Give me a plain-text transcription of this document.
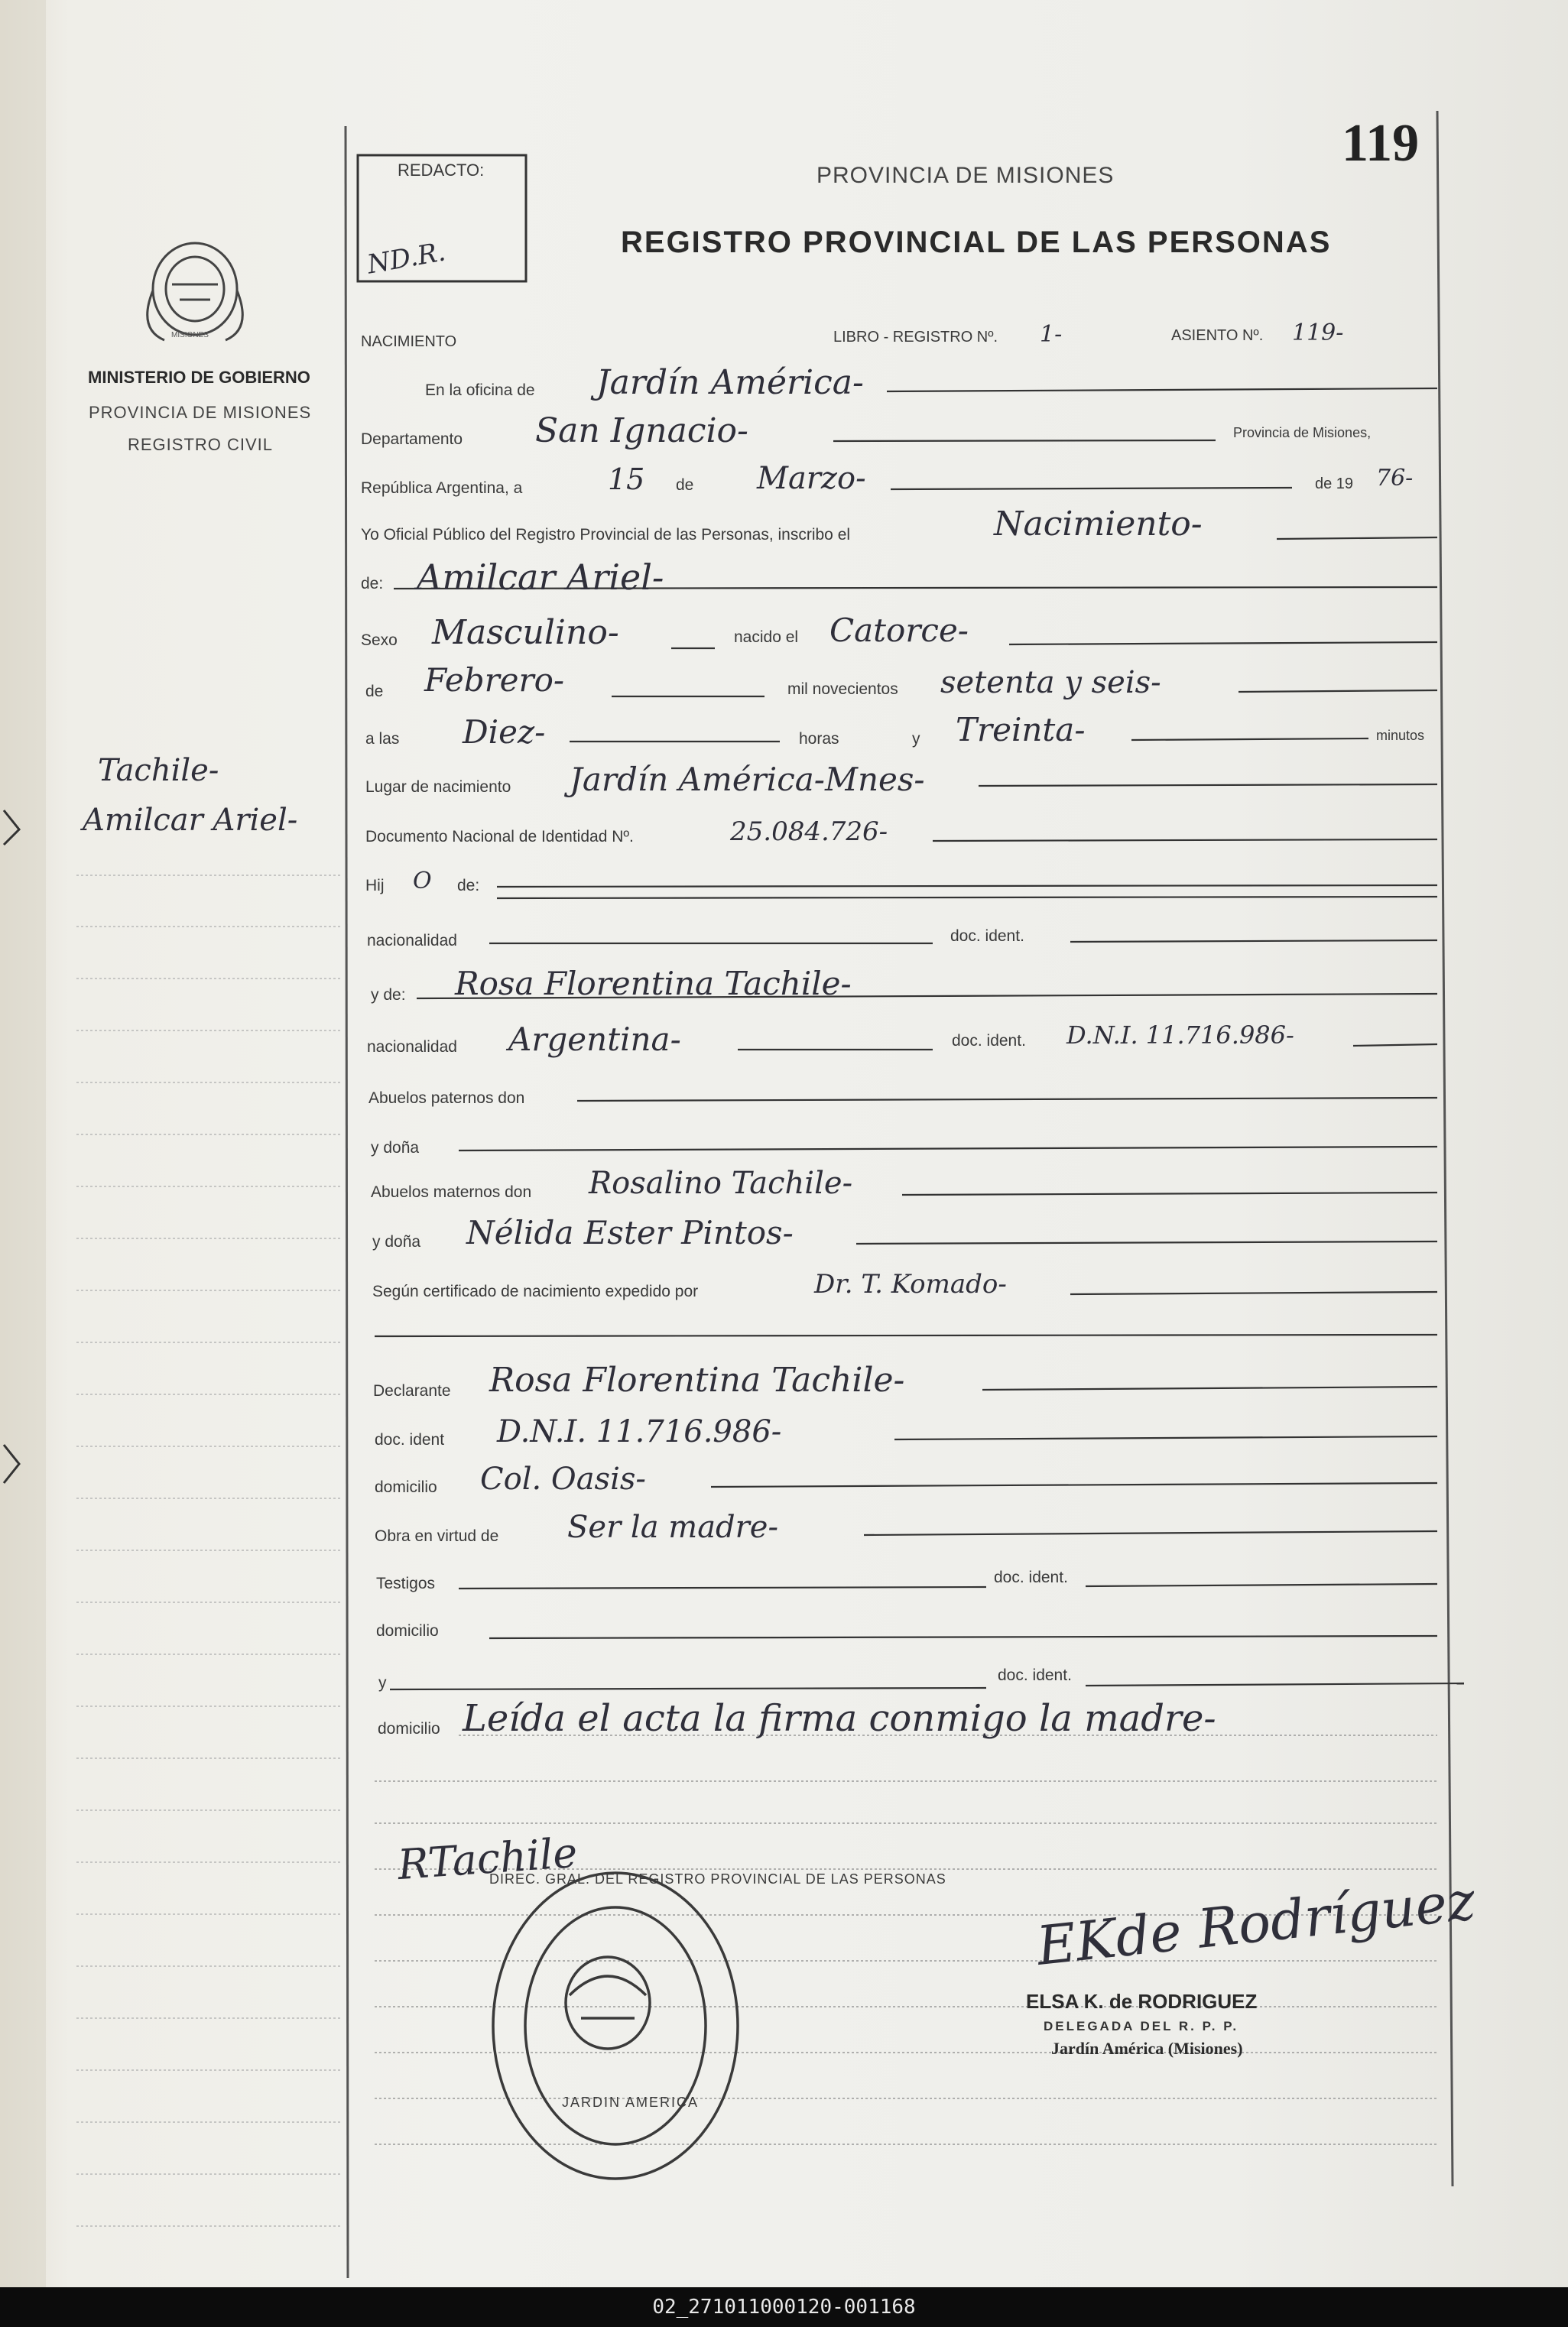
119
REDACTO:
ND.R.
PROVINCIA DE MISIONES
REGISTRO PROVINCIAL DE LAS PERSONAS
MISIONES
MINISTERIO DE GOBIERNO
PROVINCIA DE MISIONES
REGISTRO CIVIL
Tachile-
Amilcar Ariel-
NACIMIENTO	LIBRO - REGISTRO Nº. 1-	ASIENTO Nº. 119-
En la oficina de Jardín América-
Departamento San Ignacio-	Provincia de Misiones,
República Argentina, a	15 de Marzo-	de 19 76-
Yo Oficial Público del Registro Provincial de las Personas, inscribo el	Nacimiento-
de: Amilcar Ariel-
Sexo Masculino-	nacido el Catorce-
de Febrero-	mil novecientos setenta y seis-
a las Diez-	horas	y Treinta-	minutos
Lugar de nacimiento Jardín América-Mnes-
Documento Nacional de Identidad Nº.	25.084.726-
Hij O de:
nacionalidad	doc. ident.
y de: Rosa Florentina Tachile-
nacionalidad Argentina-	doc. ident. D.N.I. 11.716.986-
Abuelos paternos don
y doña
Abuelos maternos don Rosalino Tachile-
y doña Nélida Ester Pintos-
Según certificado de nacimiento expedido por	Dr. T. Komado-
Declarante Rosa Florentina Tachile-
doc. ident D.N.I. 11.716.986-
domicilio Col. Oasis-
Obra en virtud de Ser la madre-
Testigos	doc. ident.
domicilio
y	doc. ident.
domicilio Leída el acta la firma conmigo la madre-
RTachile
DIREC. GRAL. DEL REGISTRO PROVINCIAL DE LAS PERSONAS
JARDIN AMERICA
EKde Rodríguez
ELSA K. de RODRIGUEZ
DELEGADA DEL R. P. P.
Jardín América (Misiones)
02_271011000120-001168
